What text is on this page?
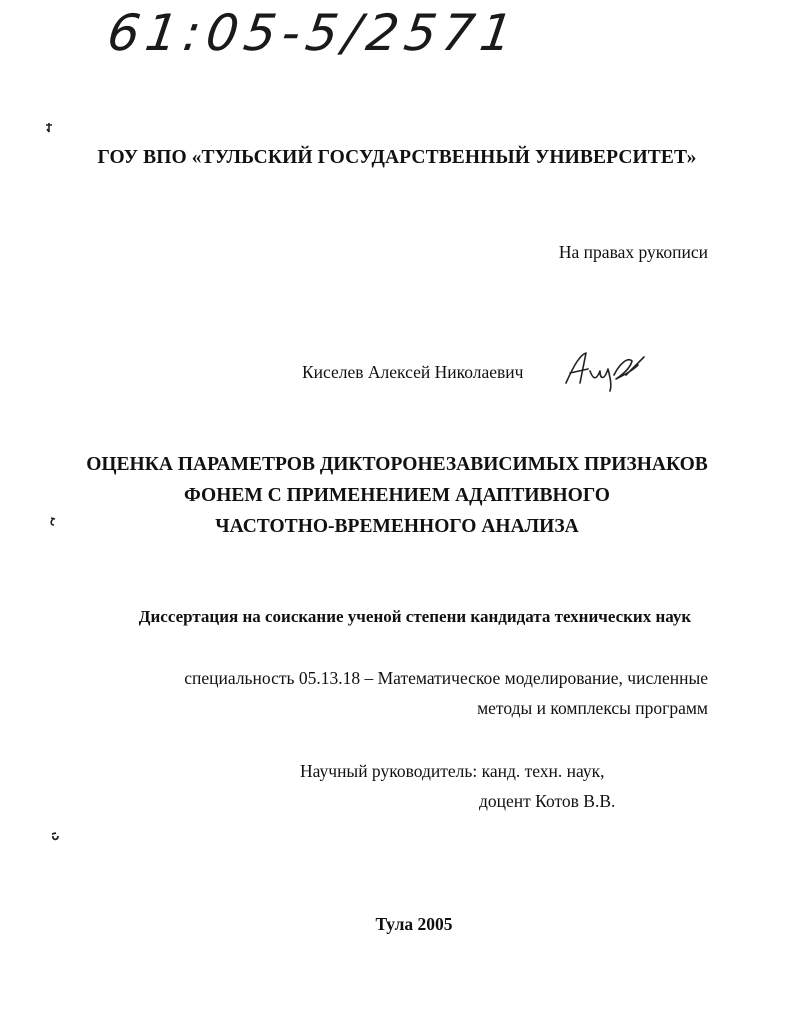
61:05-5/2571
ГОУ ВПО «ТУЛЬСКИЙ ГОСУДАРСТВЕННЫЙ УНИВЕРСИТЕТ»
На правах рукописи
Киселев Алексей Николаевич
ОЦЕНКА ПАРАМЕТРОВ ДИКТОРОНЕЗАВИСИМЫХ ПРИЗНАКОВ
ФОНЕМ С ПРИМЕНЕНИЕМ АДАПТИВНОГО
ЧАСТОТНО-ВРЕМЕННОГО АНАЛИЗА
Диссертация на соискание ученой степени кандидата технических наук
специальность 05.13.18 – Математическое моделирование, численные
методы и комплексы программ
Научный руководитель: канд. техн. наук,
доцент Котов В.В.
Тула 2005
